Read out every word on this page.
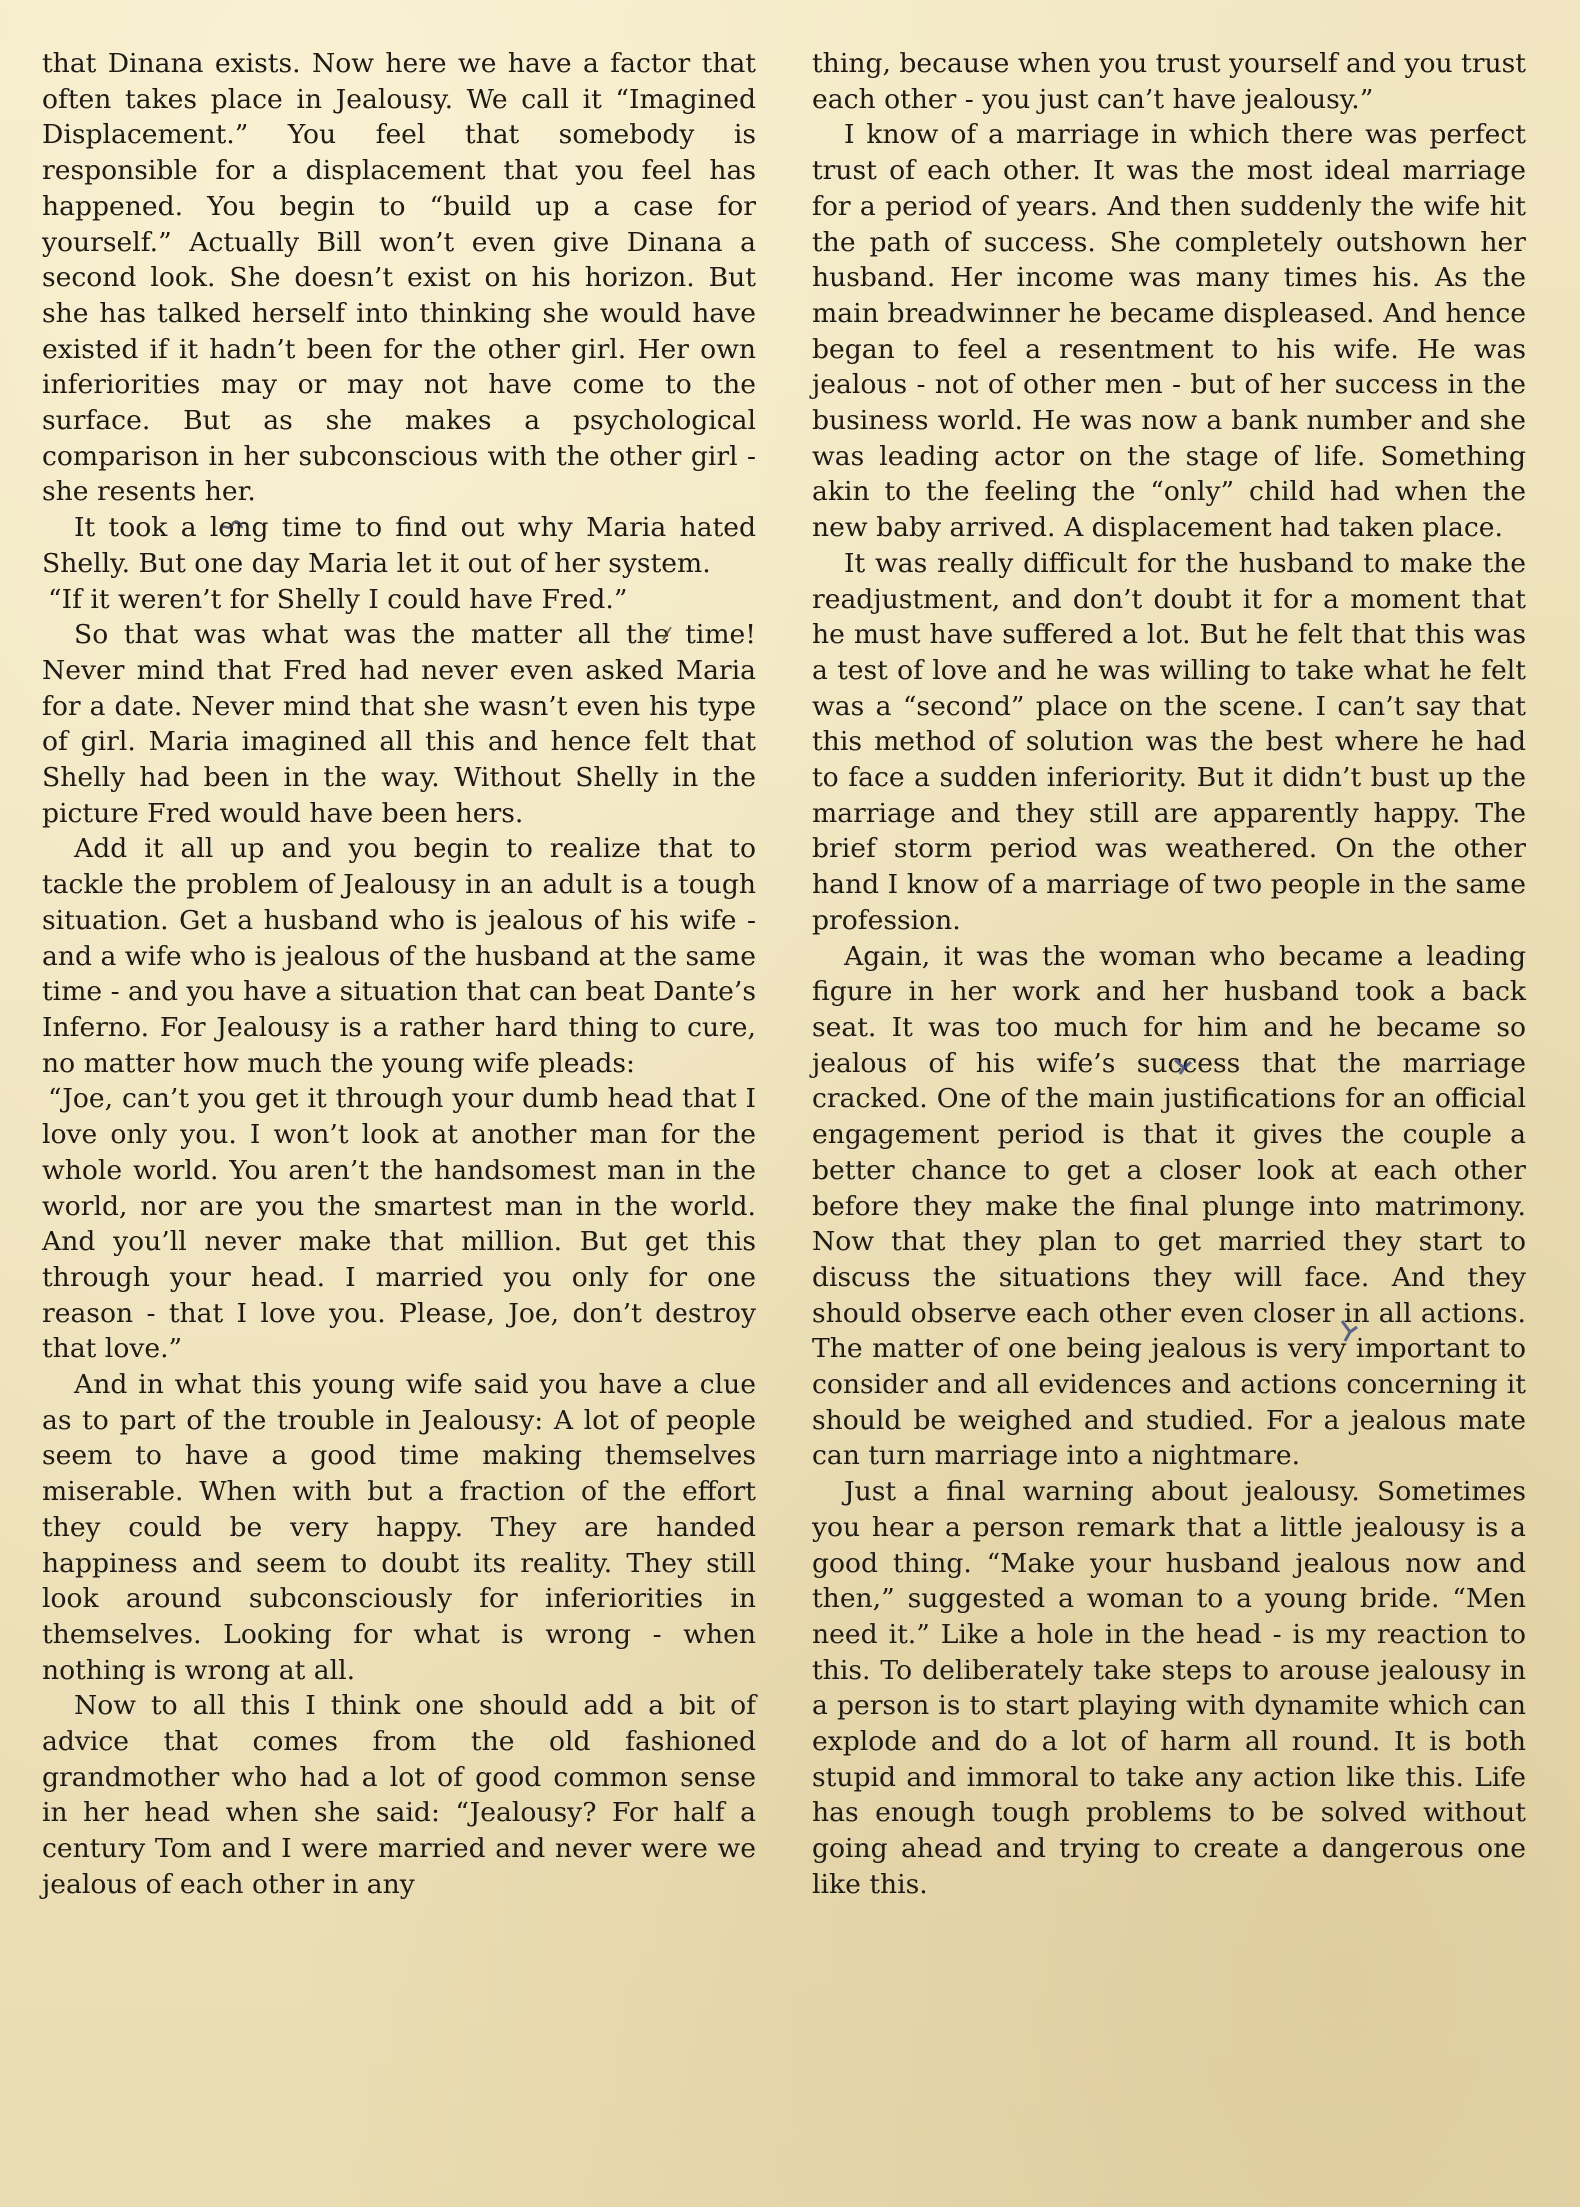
that Dinana exists. Now here we have a factor that often takes place in Jealousy. We call it “Imagined Displacement.” You feel that somebody is responsible for a displacement that you feel has happened. You begin to “build up a case for yourself.” Actually Bill won’t even give Dinana a second look. She doesn’t exist on his horizon. But she has talked herself into thinking she would have existed if it hadn’t been for the other girl. Her own inferiorities may or may not have come to the surface. But as she makes a psychological comparison in her subconscious with the other girl - she resents her.

It took a long time to find out why Maria hated Shelly. But one day Maria let it out of her system.

“If it weren’t for Shelly I could have Fred.”

So that was what was the matter all the time! Never mind that Fred had never even asked Maria for a date. Never mind that she wasn’t even his type of girl. Maria imagined all this and hence felt that Shelly had been in the way. Without Shelly in the picture Fred would have been hers.

Add it all up and you begin to realize that to tackle the problem of Jealousy in an adult is a tough situation. Get a husband who is jealous of his wife - and a wife who is jealous of the husband at the same time - and you have a situation that can beat Dante’s Inferno. For Jealousy is a rather hard thing to cure, no matter how much the young wife pleads:

“Joe, can’t you get it through your dumb head that I love only you. I won’t look at another man for the whole world. You aren’t the handsomest man in the world, nor are you the smartest man in the world. And you’ll never make that million. But get this through your head. I married you only for one reason - that I love you. Please, Joe, don’t destroy that love.”

And in what this young wife said you have a clue as to part of the trouble in Jealousy: A lot of people seem to have a good time making themselves miserable. When with but a fraction of the effort they could be very happy. They are handed happiness and seem to doubt its reality. They still look around subconsciously for inferiorities in themselves. Looking for what is wrong - when nothing is wrong at all.

Now to all this I think one should add a bit of advice that comes from the old fashioned grandmother who had a lot of good common sense in her head when she said: “Jealousy? For half a century Tom and I were married and never were we jealous of each other in any

thing, because when you trust yourself and you trust each other - you just can’t have jealousy.”

I know of a marriage in which there was perfect trust of each other. It was the most ideal marriage for a period of years. And then suddenly the wife hit the path of success. She completely outshown her husband. Her income was many times his. As the main breadwinner he became displeased. And hence began to feel a resentment to his wife. He was jealous - not of other men - but of her success in the business world. He was now a bank number and she was leading actor on the stage of life. Something akin to the feeling the “only” child had when the new baby arrived. A displacement had taken place.

It was really difficult for the husband to make the readjustment, and don’t doubt it for a moment that he must have suffered a lot. But he felt that this was a test of love and he was willing to take what he felt was a “second” place on the scene. I can’t say that this method of solution was the best where he had to face a sudden inferiority. But it didn’t bust up the marriage and they still are apparently happy. The brief storm period was weathered. On the other hand I know of a marriage of two people in the same profession.

Again, it was the woman who became a leading figure in her work and her husband took a back seat. It was too much for him and he became so jealous of his wife’s success that the marriage cracked. One of the main justifications for an official engagement period is that it gives the couple a better chance to get a closer look at each other before they make the final plunge into matrimony. Now that they plan to get married they start to discuss the situations they will face. And they should observe each other even closer in all actions. The matter of one being jealous is very important to consider and all evidences and actions concerning it should be weighed and studied. For a jealous mate can turn marriage into a nightmare.

Just a final warning about jealousy. Sometimes you hear a person remark that a little jealousy is a good thing. “Make your husband jealous now and then,” suggested a woman to a young bride. “Men need it.” Like a hole in the head - is my reaction to this. To deliberately take steps to arouse jealousy in a person is to start playing with dynamite which can explode and do a lot of harm all round. It is both stupid and immoral to take any action like this. Life has enough tough problems to be solved without going ahead and trying to create a dangerous one like this.
